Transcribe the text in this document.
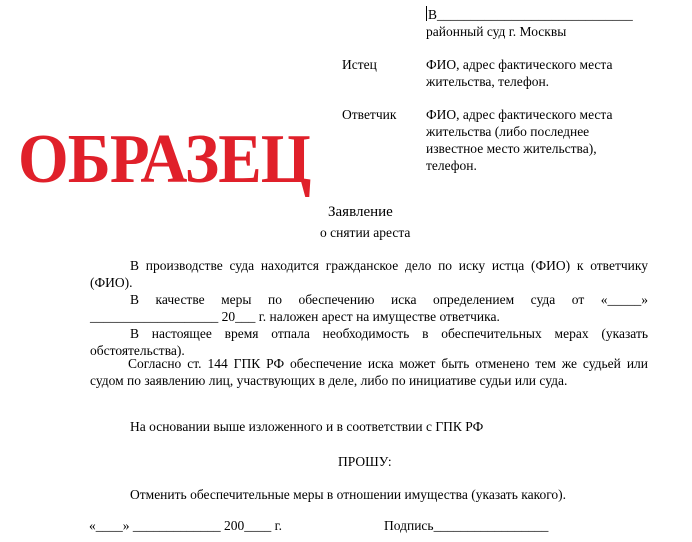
В_____________________________
районный суд г. Москвы
Истец	ФИО, адрес фактического места
жительства, телефон.
Ответчик ФИО, адрес фактического места
жительства (либо последнее
известное место жительства),
телефон.
ОБРАЗЕЦ
Заявление
о снятии ареста
В производстве суда находится гражданское дело по иску истца (ФИО) к ответчику (ФИО).
В качестве меры по обеспечению иска определением суда от «_____»
___________________ 20___ г. наложен арест на имуществе ответчика.
В настоящее время отпала необходимость в обеспечительных мерах (указать обстоятельства).
Согласно ст. 144 ГПК РФ обеспечение иска может быть отменено тем же судьей или судом по заявлению лиц, участвующих в деле, либо по инициативе судьи или суда.
На основании выше изложенного и в соответствии с ГПК РФ
ПРОШУ:
Отменить обеспечительные меры в отношении имущества (указать какого).
«____» _____________ 200____ г.	Подпись_________________
